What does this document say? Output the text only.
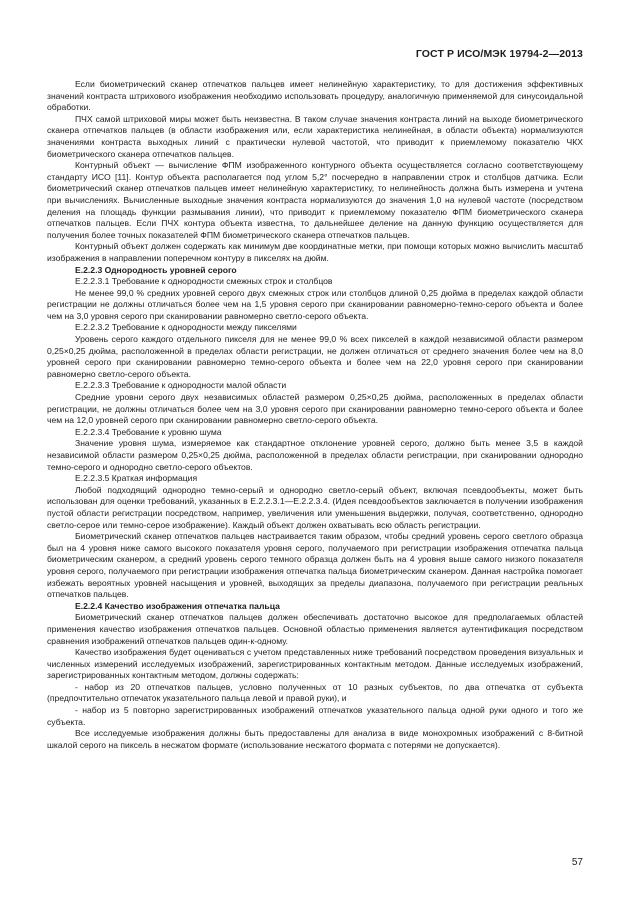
ГОСТ Р ИСО/МЭК 19794-2—2013

Если биометрический сканер отпечатков пальцев имеет нелинейную характеристику, то для достижения эффективных значений контраста штрихового изображения необходимо использовать процедуру, аналогичную применяемой для синусоидальной обработки.

ПЧХ самой штриховой миры может быть неизвестна. В таком случае значения контраста линий на выходе биометрического сканера отпечатков пальцев (в области изображения или, если характеристика нелинейная, в области объекта) нормализуются значениями контраста выходных линий с практически нулевой частотой, что приводит к приемлемому показателю ЧКХ биометрического сканера отпечатков пальцев.

Контурный объект — вычисление ФПМ изображенного контурного объекта осуществляется согласно соответствующему стандарту ИСО [11]. Контур объекта располагается под углом 5,2° посчередно в направлении строк и столбцов датчика. Если биометрический сканер отпечатков пальцев имеет нелинейную характеристику, то нелинейность должна быть измерена и учтена при вычислениях. Вычисленные выходные значения контраста нормализуются до значения 1,0 на нулевой частоте (посредством деления на площадь функции размывания линии), что приводит к приемлемому показателю ФПМ биометрического сканера отпечатков пальцев. Если ПЧХ контура объекта известна, то дальнейшее деление на данную функцию осуществляется для получения более точных показателей ФПМ биометрического сканера отпечатков пальцев.

Контурный объект должен содержать как минимум две координатные метки, при помощи которых можно вычислить масштаб изображения в направлении поперечном контуру в пикселях на дюйм.

Е.2.2.3 Однородность уровней серого

Е.2.2.3.1 Требование к однородности смежных строк и столбцов

Не менее 99,0 % средних уровней серого двух смежных строк или столбцов длиной 0,25 дюйма в пределах каждой области регистрации не должны отличаться более чем на 1,5 уровня серого при сканировании равномерно-темно-серого объекта и более чем на 3,0 уровня серого при сканировании равномерно светло-серого объекта.

Е.2.2.3.2 Требование к однородности между пикселями

Уровень серого каждого отдельного пикселя для не менее 99,0 % всех пикселей в каждой независимой области размером 0,25×0,25 дюйма, расположенной в пределах области регистрации, не должен отличаться от среднего значения более чем на 8,0 уровней серого при сканировании равномерно темно-серого объекта и более чем на 22,0 уровня серого при сканировании равномерно светло-серого объекта.

Е.2.2.3.3 Требование к однородности малой области

Средние уровни серого двух независимых областей размером 0,25×0,25 дюйма, расположенных в пределах области регистрации, не должны отличаться более чем на 3,0 уровня серого при сканировании равномерно темно-серого объекта и более чем на 12,0 уровней серого при сканировании равномерно светло-серого объекта.

Е.2.2.3.4 Требование к уровню шума

Значение уровня шума, измеряемое как стандартное отклонение уровней серого, должно быть менее 3,5 в каждой независимой области размером 0,25×0,25 дюйма, расположенной в пределах области регистрации, при сканировании однородно темно-серого и однородно светло-серого объектов.

Е.2.2.3.5 Краткая информация

Любой подходящий однородно темно-серый и однородно светло-серый объект, включая псевдообъекты, может быть использован для оценки требований, указанных в Е.2.2.3.1—Е.2.2.3.4. (Идея псевдообъектов заключается в получении изображения пустой области регистрации посредством, например, увеличения или уменьшения выдержки, получая, соответственно, однородно светло-серое или темно-серое изображение). Каждый объект должен охватывать всю область регистрации.

Биометрический сканер отпечатков пальцев настраивается таким образом, чтобы средний уровень серого светлого образца был на 4 уровня ниже самого высокого показателя уровня серого, получаемого при регистрации изображения отпечатка пальца биометрическим сканером, а средний уровень серого темного образца должен быть на 4 уровня выше самого низкого показателя уровня серого, получаемого при регистрации изображения отпечатка пальца биометрическим сканером. Данная настройка помогает избежать вероятных уровней насыщения и уровней, выходящих за пределы диапазона, получаемого при регистрации реальных отпечатков пальцев.

Е.2.2.4 Качество изображения отпечатка пальца

Биометрический сканер отпечатков пальцев должен обеспечивать достаточно высокое для предполагаемых областей применения качество изображения отпечатков пальцев. Основной областью применения является аутентификация посредством сравнения изображений отпечатков пальцев один-к-одному.

Качество изображения будет оцениваться с учетом представленных ниже требований посредством проведения визуальных и численных измерений исследуемых изображений, зарегистрированных контактным методом. Данные исследуемых изображений, зарегистрированных контактным методом, должны содержать:

- набор из 20 отпечатков пальцев, условно полученных от 10 разных субъектов, по два отпечатка от субъекта (предпочтительно отпечаток указательного пальца левой и правой руки), и

- набор из 5 повторно зарегистрированных изображений отпечатков указательного пальца одной руки одного и того же субъекта.

Все исследуемые изображения должны быть предоставлены для анализа в виде монохромных изображений с 8-битной шкалой серого на пиксель в несжатом формате (использование несжатого формата с потерями не допускается).

57
